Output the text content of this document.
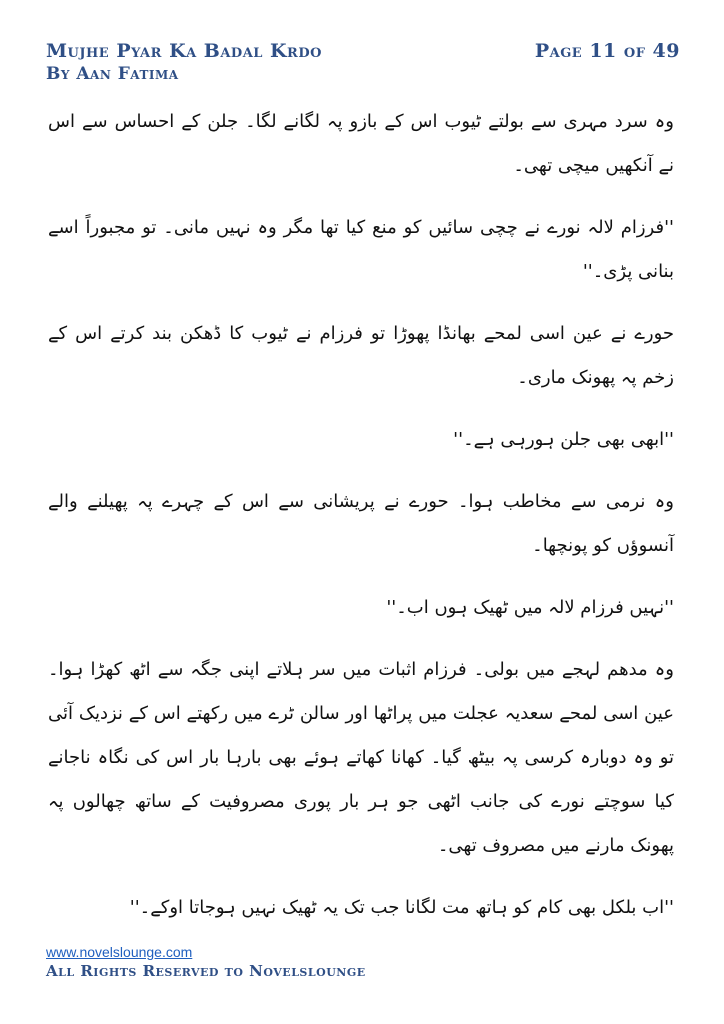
Mujhe Pyar Ka Badal Krdo
By Aan Fatima
Page 11 of 49

وہ سرد مہری سے بولتے ٹیوب اس کے بازو پہ لگانے لگا۔ جلن کے احساس سے اس نے آنکھیں میچی تھی۔

''فرزام لالہ نورے نے چچی سائیں کو منع کیا تھا مگر وہ نہیں مانی۔ تو مجبوراً اسے بنانی پڑی۔''

حورے نے عین اسی لمحے بھانڈا پھوڑا تو فرزام نے ٹیوب کا ڈھکن بند کرتے اس کے زخم پہ پھونک ماری۔

''ابھی بھی جلن ہورہی ہے۔''

وہ نرمی سے مخاطب ہوا۔ حورے نے پریشانی سے اس کے چہرے پہ پھیلنے والے آنسوؤں کو پونچھا۔

''نہیں فرزام لالہ میں ٹھیک ہوں اب۔''

وہ مدھم لہجے میں بولی۔ فرزام اثبات میں سر ہلاتے اپنی جگہ سے اٹھ کھڑا ہوا۔ عین اسی لمحے سعدیہ عجلت میں پراٹھا اور سالن ٹرے میں رکھتے اس کے نزدیک آئی تو وہ دوبارہ کرسی پہ بیٹھ گیا۔ کھانا کھاتے ہوئے بھی بارہا بار اس کی نگاہ ناجانے کیا سوچتے نورے کی جانب اٹھی جو ہر بار پوری مصروفیت کے ساتھ چھالوں پہ پھونک مارنے میں مصروف تھی۔

''اب بلکل بھی کام کو ہاتھ مت لگانا جب تک یہ ٹھیک نہیں ہوجاتا اوکے۔''

www.novelslounge.com
All Rights Reserved to Novelslounge
